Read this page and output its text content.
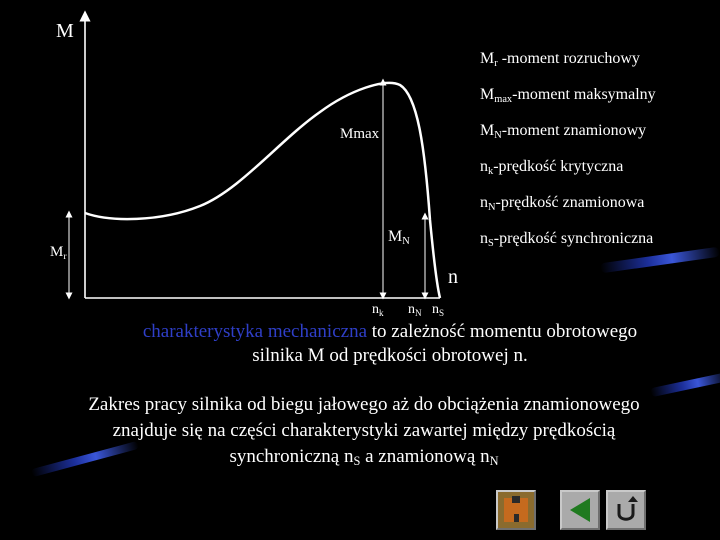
M
n
Mmax
$M_N$
$M_r$
$n_k$ $n_N$ $n_S$
$M_r$ -moment rozruchowy
$M_{max}$-moment maksymalny
$M_N$-moment znamionowy
$n_k$-prędkość krytyczna
$n_N$-prędkość znamionowa
$n_S$-prędkość synchroniczna
charakterystyka mechaniczna to zależność momentu obrotowego
silnika M od prędkości obrotowej n.
Zakres pracy silnika od biegu jałowego aż do obciążenia znamionowego
znajduje się na części charakterystyki zawartej między prędkością
synchroniczną $n_S$ a znamionową $n_N$
